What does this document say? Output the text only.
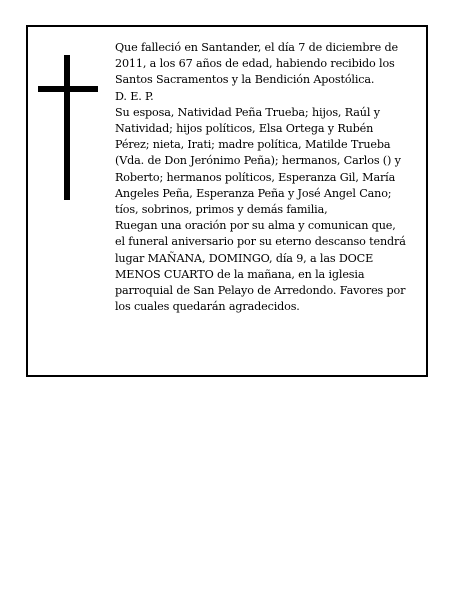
Que falleció en Santander, el día 7 de diciembre de 2011, a los 67 años de edad, habiendo recibido los Santos Sacramentos y la Bendición Apostólica.

D. E. P.

Su esposa, Natividad Peña Trueba; hijos, Raúl y Natividad; hijos políticos, Elsa Ortega y Rubén Pérez; nieta, Irati; madre política, Matilde Trueba (Vda. de Don Jerónimo Peña); hermanos, Carlos () y Roberto; hermanos políticos, Esperanza Gil, María Angeles Peña, Esperanza Peña y José Angel Cano; tíos, sobrinos, primos y demás familia,

Ruegan una oración por su alma y comunican que, el funeral aniversario por su eterno descanso tendrá lugar MAÑANA, DOMINGO, día 9, a las DOCE MENOS CUARTO de la mañana, en la iglesia parroquial de San Pelayo de Arredondo. Favores por los cuales quedarán agradecidos.
